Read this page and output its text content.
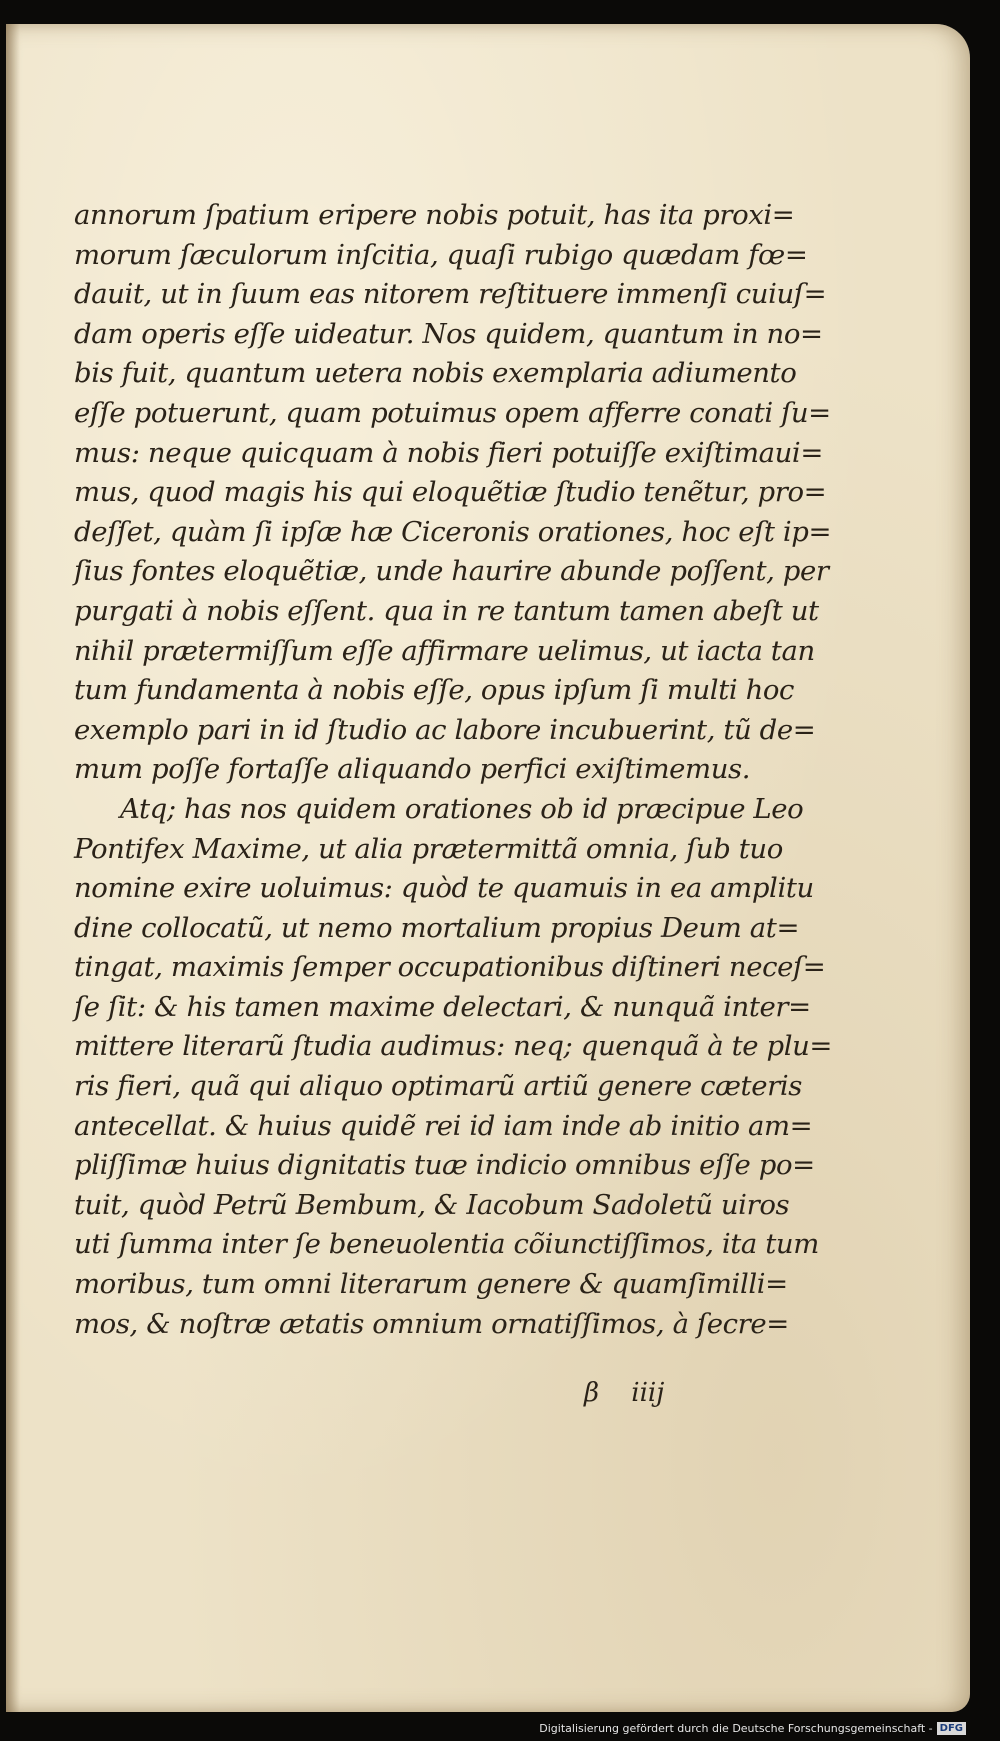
annorum ſpatium eripere nobis potuit, has ita proxi=
morum ſæculorum inſcitia, quaſi rubigo quædam fœ=
dauit, ut in ſuum eas nitorem reſtituere immenſi cuiuſ=
dam operis eſſe uideatur. Nos quidem, quantum in no=
bis fuit, quantum uetera nobis exemplaria adiumento
eſſe potuerunt, quam potuimus opem afferre conati ſu=
mus: neque quicquam à nobis fieri potuiſſe exiſtimaui=
mus, quod magis his qui eloquẽtiæ ſtudio tenẽtur, pro=
deſſet, quàm ſi ipſæ hæ Ciceronis orationes, hoc eſt ip=
ſius fontes eloquẽtiæ, unde haurire abunde poſſent, per
purgati à nobis eſſent. qua in re tantum tamen abeſt ut
nihil prætermiſſum eſſe affirmare uelimus, ut iacta tan
tum fundamenta à nobis eſſe, opus ipſum ſi multi hoc
exemplo pari in id ſtudio ac labore incubuerint, tũ de=
mum poſſe fortaſſe aliquando perfici exiſtimemus.
Atq; has nos quidem orationes ob id præcipue Leo
Pontifex Maxime, ut alia prætermittã omnia, ſub tuo
nomine exire uoluimus: quòd te quamuis in ea amplitu
dine collocatũ, ut nemo mortalium propius Deum at=
tingat, maximis ſemper occupationibus diſtineri neceſ=
ſe ſit: & his tamen maxime delectari, & nunquã inter=
mittere literarũ ſtudia audimus: neq; quenquã à te plu=
ris fieri, quã qui aliquo optimarũ artiũ genere cæteris
antecellat. & huius quidẽ rei id iam inde ab initio am=
pliſſimæ huius dignitatis tuæ indicio omnibus eſſe po=
tuit, quòd Petrũ Bembum, & Iacobum Sadoletũ uiros
uti ſumma inter ſe beneuolentia cõiunctiſſimos, ita tum
moribus, tum omni literarum genere & quamſimilli=
mos, & noſtræ ætatis omnium ornatiſſimos, à ſecre=
β iiij
Digitalisierung gefördert durch die Deutsche Forschungsgemeinschaft - DFG
